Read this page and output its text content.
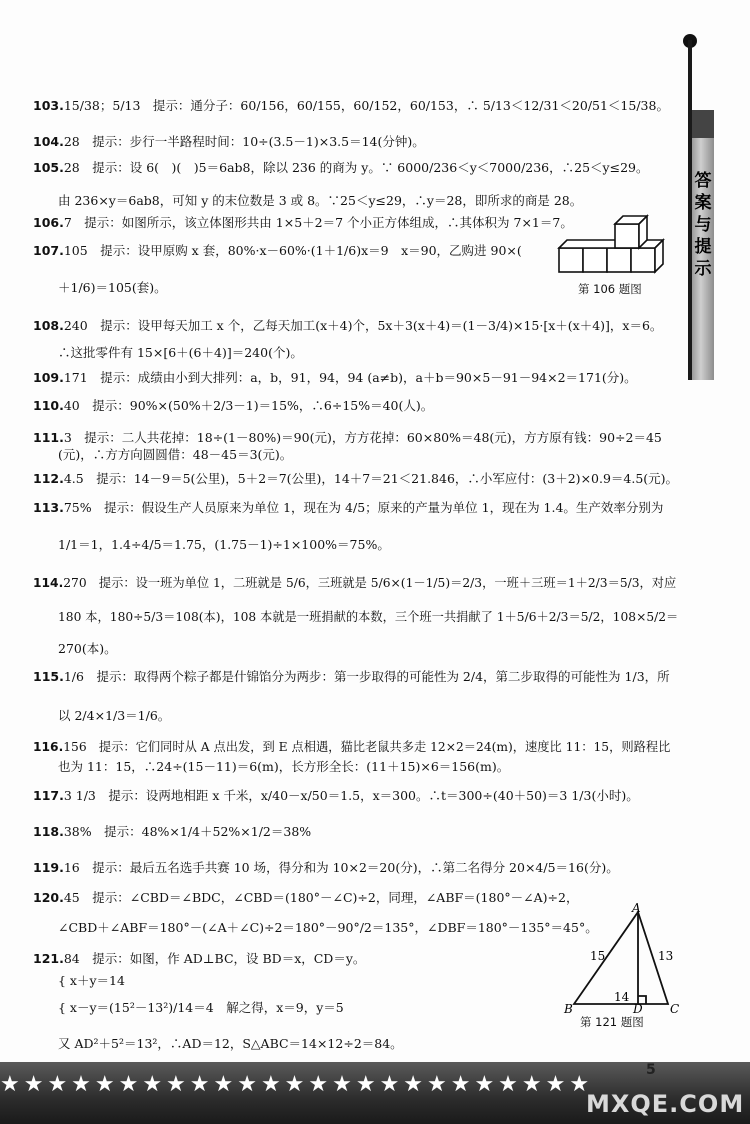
答案与提示
103.15/38；5/13　提示：通分子：60/156，60/155，60/152，60/153，∴ 5/13＜12/31＜20/51＜15/38。
104.28　提示：步行一半路程时间：10÷(3.5－1)×3.5＝14(分钟)。
105.28　提示：设 6(　)(　)5＝6ab8，除以 236 的商为 y。∵ 6000/236＜y＜7000/236，∴25＜y≤29。
由 236×y＝6ab8，可知 y 的末位数是 3 或 8。∵25＜y≤29，∴y＝28，即所求的商是 28。
106.7　提示：如图所示，该立体图形共由 1×5＋2＝7 个小正方体组成，∴其体积为 7×1＝7。
107.105　提示：设甲原购 x 套，80%·x－60%·(1＋1/6)x＝9　x＝90，乙购进 90×(
＋1/6)＝105(套)。
108.240　提示：设甲每天加工 x 个，乙每天加工(x＋4)个，5x＋3(x＋4)＝(1－3/4)×15·[x＋(x＋4)]，x＝6。
∴这批零件有 15×[6＋(6＋4)]＝240(个)。
109.171　提示：成绩由小到大排列：a，b，91，94，94 (a≠b)，a＋b＝90×5－91－94×2＝171(分)。
110.40　提示：90%×(50%＋2/3－1)＝15%，∴6÷15%＝40(人)。
111.3　提示：二人共花掉：18÷(1－80%)＝90(元)，方方花掉：60×80%＝48(元)，方方原有钱：90÷2＝45
(元)，∴方方向圆圆借：48－45＝3(元)。
112.4.5　提示：14－9＝5(公里)，5＋2＝7(公里)，14＋7＝21＜21.846，∴小军应付：(3＋2)×0.9＝4.5(元)。
113.75%　提示：假设生产人员原来为单位 1，现在为 4/5；原来的产量为单位 1，现在为 1.4。生产效率分别为
1/1＝1，1.4÷4/5＝1.75，(1.75－1)÷1×100%＝75%。
114.270　提示：设一班为单位 1，二班就是 5/6，三班就是 5/6×(1－1/5)＝2/3，一班＋三班＝1＋2/3＝5/3，对应
180 本，180÷5/3＝108(本)，108 本就是一班捐献的本数，三个班一共捐献了 1＋5/6＋2/3＝5/2，108×5/2＝
270(本)。
115.1/6　提示：取得两个粽子都是什锦馅分为两步：第一步取得的可能性为 2/4，第二步取得的可能性为 1/3，所
以 2/4×1/3＝1/6。
116.156　提示：它们同时从 A 点出发，到 E 点相遇，猫比老鼠共多走 12×2＝24(m)，速度比 11：15，则路程比
也为 11：15，∴24÷(15－11)＝6(m)，长方形全长：(11＋15)×6＝156(m)。
117.3 1/3　提示：设两地相距 x 千米，x/40－x/50＝1.5，x＝300。∴t＝300÷(40＋50)＝3 1/3(小时)。
118.38%　提示：48%×1/4＋52%×1/2＝38%
119.16　提示：最后五名选手共赛 10 场，得分和为 10×2＝20(分)，∴第二名得分 20×4/5＝16(分)。
120.45　提示：∠CBD＝∠BDC，∠CBD＝(180°－∠C)÷2，同理，∠ABF＝(180°－∠A)÷2，
∠CBD＋∠ABF＝180°－(∠A＋∠C)÷2＝180°－90°/2＝135°，∠DBF＝180°－135°＝45°。
121.84　提示：如图，作 AD⊥BC，设 BD＝x，CD＝y。
{ x＋y＝14
{ x－y＝(15²－13²)/14＝4　解之得，x＝9，y＝5
又 AD²＋5²＝13²，∴AD＝12，S△ABC＝14×12÷2＝84。
第 106 题图
A
B	C
D
15	13
14
第 121 题图
★★★★★★★★★★★★★★★★★★★★★★★★★
5
MXQE.COM
